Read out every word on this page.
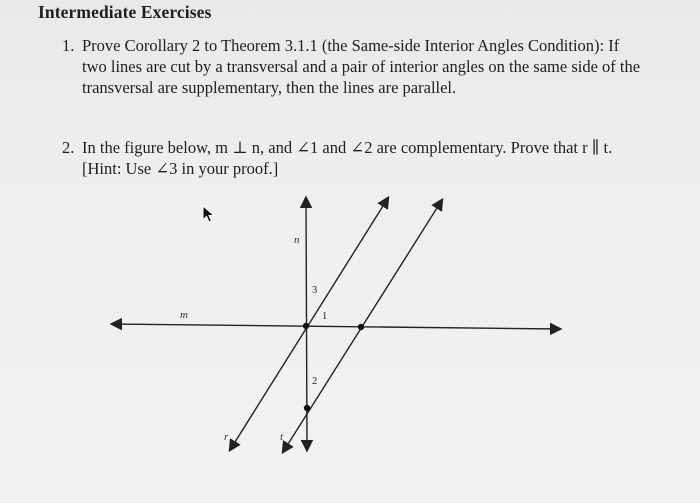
Intermediate Exercises
1. Prove Corollary 2 to Theorem 3.1.1 (the Same-side Interior Angles Condition): If two lines are cut by a transversal and a pair of interior angles on the same side of the transversal are supplementary, then the lines are parallel.
2. In the figure below, m ⊥ n, and ∠1 and ∠2 are complementary. Prove that r ∥ t. [Hint: Use ∠3 in your proof.]
m
n
r	t
3
1
2
